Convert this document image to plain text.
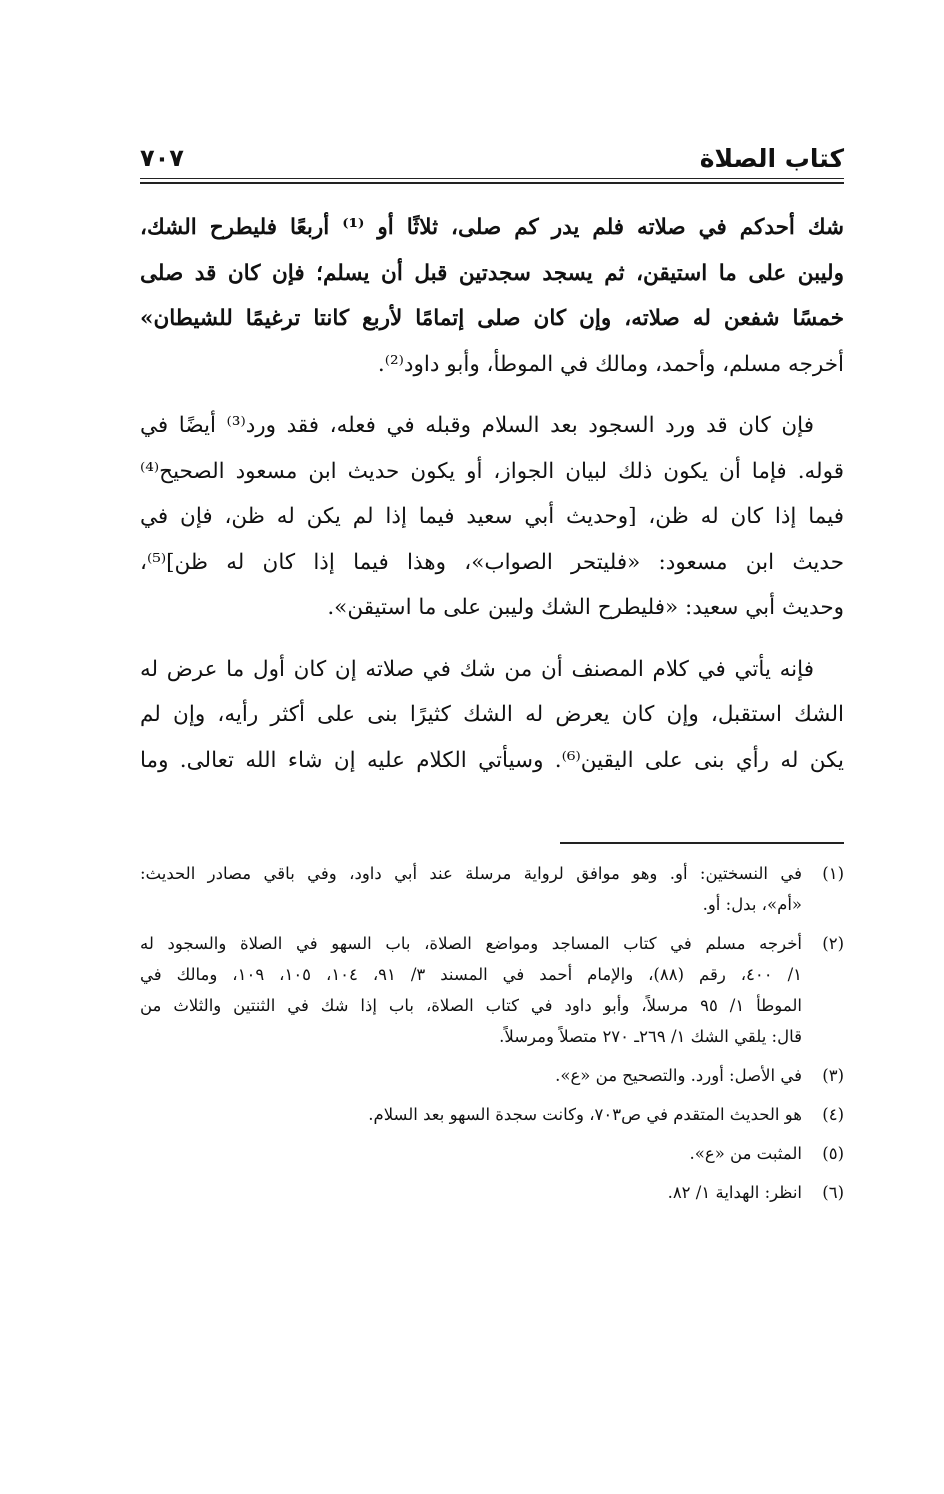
كتاب الصلاة
٧٠٧
شك أحدكم في صلاته فلم يدر كم صلى، ثلاثًا أو ⁽¹⁾ أربعًا فليطرح الشك،
وليبن على ما استيقن، ثم يسجد سجدتين قبل أن يسلم؛ فإن كان قد صلى
خمسًا شفعن له صلاته، وإن كان صلى إتمامًا لأربع كانتا ترغيمًا للشيطان»
أخرجه مسلم، وأحمد، ومالك في الموطأ، وأبو داود⁽²⁾.
فإن كان قد ورد السجود بعد السلام وقبله في فعله، فقد ورد⁽³⁾ أيضًا في
قوله. فإما أن يكون ذلك لبيان الجواز، أو يكون حديث ابن مسعود الصحيح⁽⁴⁾
فيما إذا كان له ظن، [وحديث أبي سعيد فيما إذا لم يكن له ظن، فإن في
حديث ابن مسعود: «فليتحر الصواب»، وهذا فيما إذا كان له ظن]⁽⁵⁾،
وحديث أبي سعيد: «فليطرح الشك وليبن على ما استيقن».
فإنه يأتي في كلام المصنف أن من شك في صلاته إن كان أول ما عرض له
الشك استقبل، وإن كان يعرض له الشك كثيرًا بنى على أكثر رأيه، وإن لم
يكن له رأي بنى على اليقين⁽⁶⁾. وسيأتي الكلام عليه إن شاء الله تعالى. وما
(١)
في النسختين: أو. وهو موافق لرواية مرسلة عند أبي داود، وفي باقي مصادر الحديث:
«أم»، بدل: أو.
(٢)
أخرجه مسلم في كتاب المساجد ومواضع الصلاة، باب السهو في الصلاة والسجود له
١/ ٤٠٠، رقم (٨٨)، والإمام أحمد في المسند ٣/ ٩١، ١٠٤، ١٠٥، ١٠٩، ومالك في
الموطأ ١/ ٩٥ مرسلاً، وأبو داود في كتاب الصلاة، باب إذا شك في الثنتين والثلاث من
قال: يلقي الشك ١/ ٢٦٩ـ ٢٧٠ متصلاً ومرسلاً.
(٣)
في الأصل: أورد. والتصحيح من «ع».
(٤)
هو الحديث المتقدم في ص٧٠٣، وكانت سجدة السهو بعد السلام.
(٥)
المثبت من «ع».
(٦)
انظر: الهداية ١/ ٨٢.
